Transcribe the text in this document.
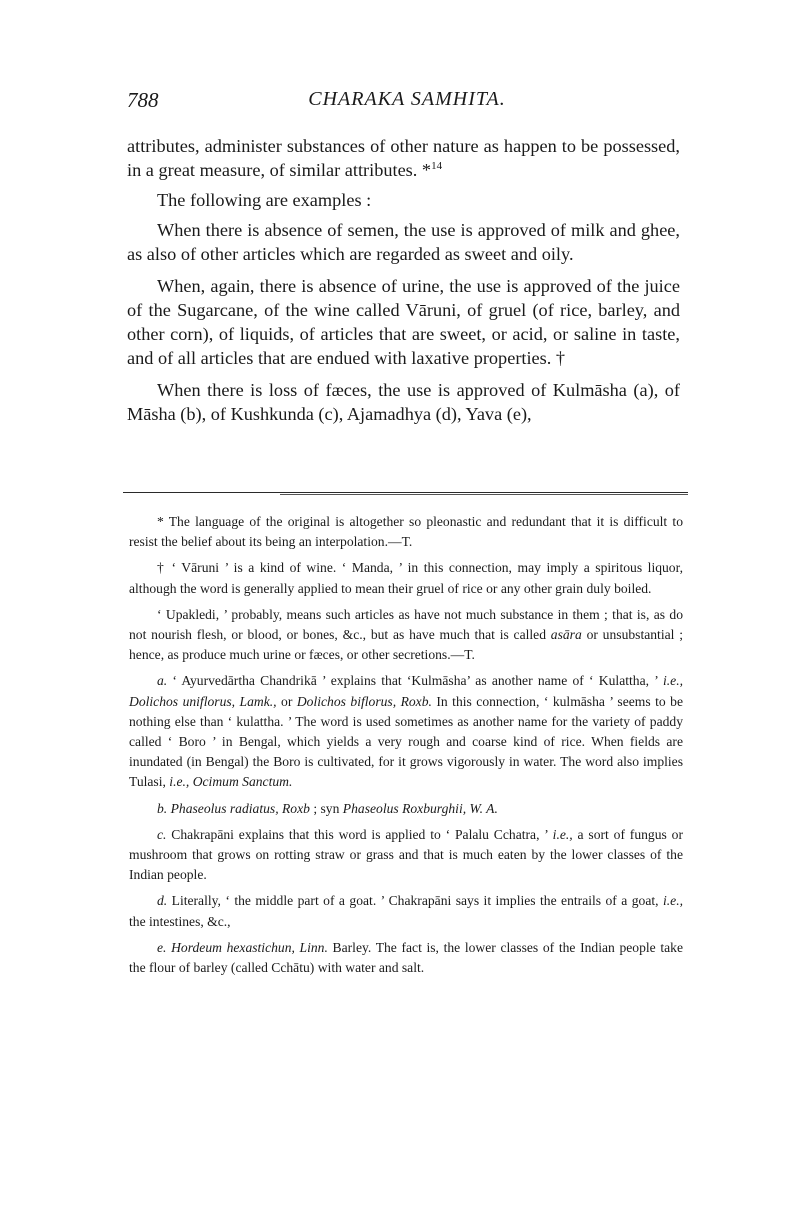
788	CHARAKA SAMHITA.

attributes, administer substances of other nature as happen to be possessed, in a great measure, of similar attributes. *$^{14}$

The following are examples :

When there is absence of semen, the use is approved of milk and ghee, as also of other articles which are regarded as sweet and oily.

When, again, there is absence of urine, the use is approved of the juice of the Sugarcane, of the wine called Vāruni, of gruel (of rice, barley, and other corn), of liquids, of articles that are sweet, or acid, or saline in taste, and of all articles that are endued with laxative properties. †

When there is loss of fæces, the use is approved of Kulmāsha (a), of Māsha (b), of Kushkunda (c), Ajamadhya (d), Yava (e),

* The language of the original is altogether so pleonastic and redundant that it is difficult to resist the belief about its being an interpolation.—T.

† ‘ Vāruni ’ is a kind of wine. ‘ Manda, ’ in this connection, may imply a spiritous liquor, although the word is generally applied to mean their gruel of rice or any other grain duly boiled.

‘ Upakledi, ’ probably, means such articles as have not much substance in them ; that is, as do not nourish flesh, or blood, or bones, &c., but as have much that is called asāra or unsubstantial ; hence, as produce much urine or fæces, or other secretions.—T.

a. ‘ Ayurvedārtha Chandrikā ’ explains that ‘Kulmāsha’ as another name of ‘ Kulattha, ’ i.e., Dolichos uniflorus, Lamk., or Dolichos biflorus, Roxb. In this connection, ‘ kulmāsha ’ seems to be nothing else than ‘ kulattha. ’ The word is used sometimes as another name for the variety of paddy called ‘ Boro ’ in Bengal, which yields a very rough and coarse kind of rice. When fields are inundated (in Bengal) the Boro is cultivated, for it grows vigorously in water. The word also implies Tulasi, i.e., Ocimum Sanctum.

b. Phaseolus radiatus, Roxb ; syn Phaseolus Roxburghii, W. A.

c. Chakrapāni explains that this word is applied to ‘ Palalu Cchatra, ’ i.e., a sort of fungus or mushroom that grows on rotting straw or grass and that is much eaten by the lower classes of the Indian people.

d. Literally, ‘ the middle part of a goat. ’ Chakrapāni says it implies the entrails of a goat, i.e., the intestines, &c.,

e. Hordeum hexastichun, Linn. Barley. The fact is, the lower classes of the Indian people take the flour of barley (called Cchātu) with water and salt.
